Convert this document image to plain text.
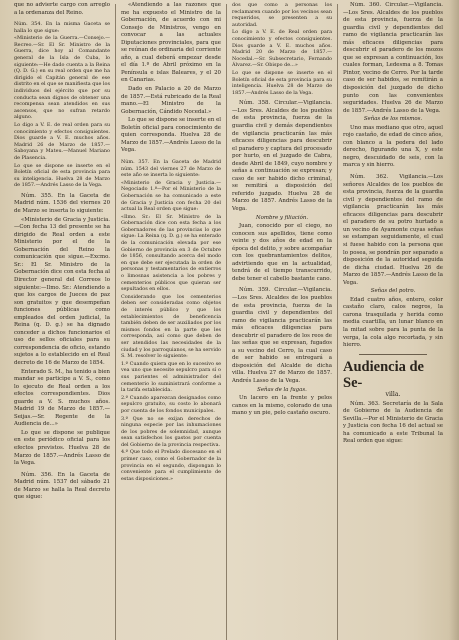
que no advierte cargo con arreglo a la ordenanza del Reino.

Núm. 354. En la misma Gaceta se halla lo que sigue:

«Ministerio de la Guerra.—Consejo.—Recreo.—Sr. El Sr. Ministro de la Guerra, dice hoy al Comandante general de la Isla de Cuba, lo siguiente:—He dado cuenta a la Reina (Q. D. G.) en su real orden que me ha dirigido el Capitán general de ese distrito en el que se manifiesta que los individuos del ejército que por su conducta sean dignos de obtener una recompensa sean atendidos en sus ascensos, que no sufran retardo alguno.

Lo digo a V. E. de real orden para su conocimiento y efectos consiguientes. Dios guarde a V. E. muchos años. Madrid 26 de Marzo de 1857.—Saboyana y Mateu.—Manuel Mariano de Plasencia.

Lo que se dispone se inserte en el Boletín oficial de esta provincia para su inteligencia. Huelva 28 de Marzo de 1857.—Andrés Lasso de la Vega.

Núm. 355. En la Gaceta de Madrid núm. 1536 del viernes 20 de Marzo se inserta lo siguiente:

«Ministerio de Gracia y Justicia.—Con fecha 13 del presente se ha dirigido de Real orden a este Ministerio por el de la Gobernación del Reino la comunicación que sigue.—Excmo. Sr.: El Sr. Ministro de la Gobernación dice con esta fecha al Director general del Correos lo siguiente:—Ilmo. Sr.: Atendiendo a que los cargos de Jueces de paz son gratuitos y que desempeñan funciones públicas como empleados del orden judicial, la Reina (q. D. g.) se ha dignado conceder a dichos funcionarios el uso de sellos oficiales para su correspondencia de oficio, estando sujetos a lo establecido en el Real decreto de 16 de Marzo de 1854.

Enterado S. M., ha tenido a bien mandar se participe a V. S., como lo ejecuto de Real orden a los efectos correspondientes. Dios guarde a V. S. muchos años. Madrid 19 de Marzo de 1857.—Seijas.—Sr. Regente de la Audiencia de...»

Lo que se dispone se publique en este periódico oficial para los efectos previstos. Huelva 28 de Marzo de 1857.—Andrés Lasso de la Vega.

Núm. 356. En la Gaceta de Madrid núm. 1537 del sábado 21 de Marzo se halla la Real decreto que sigue:

«Atendiendo a las razones que me ha expuesto el Ministro de la Gobernación, de acuerdo con mi Consejo de Ministros, vengo en convocar a las actuales Diputaciones provinciales, para que se reúnan de ordinaria del corriente año, a cual deberá empezar desde el día 1.º de Abril próximo en la Península e islas Baleares, y el 20 en Canarias.

Dado en Palacio a 20 de Marzo de 1857.—Está rubricado de la Real mano.—El Ministro de la Gobernación, Cándido Nocedal.»

Lo que se dispone se inserte en el Boletín oficial para conocimiento de quien corresponda. Huelva 28 de Marzo de 1857.—Andrés Lasso de la Vega.

Núm. 357. En la Gaceta de Madrid núm. 1543 del viernes 27 de Marzo de este año se inserta lo siguiente:

«Ministerio de Gracia y Justicia.—Negociado 1.º—Por el Ministerio de la Gobernación se ha comunicado a este de Gracia y Justicia con fecha 20 del actual la Real orden que sigue:

«Ilmo. Sr.: El Sr. Ministro de la Gobernación dice con esta fecha a los Gobernadores de las provincias lo que sigue: La Reina (q. D. g.) se ha enterado de la comunicación elevada por ese Gobierno de provincia en 3 de Octubre de 1856, consultando acerca del modo en que debe ser ejecutada la orden de personas y testamentarios de entierros o limosnas asistencia a los pobres y cementerios públicos que quieran ser sepultados en ellos.

Considerando que los cementerios deben ser consideradas como objetos de interés público y que los establecimientos de beneficencia también deben de ser auxiliados por los mismos fondos en la parte que les corresponda, así como que deben de ser atendidos las necesidades de la ciudad y los parroquianos, se ha servido S. M. resolver lo siguiente:

1.º Cuando quiera que en lo sucesivo se vea uno que necesite sepulcro para sí o sus parientes el administrador del cementerio lo suministrará conforme a la tarifa establecida.

2.º Cuando aparezcan designados como sepulcro gratuito, su costo lo abonará por cuenta de los fondos municipales.

3.º Que no se exijan derechos de ninguna especie por las inhumaciones de los pobres de solemnidad, aunque sean satisfechos los gastos por cuenta del Gobierno de la provincia respectiva.

4.º Que todo el Prelado diocesano en el primer caso, como el Gobernador de la provincia en el segundo, dispongan lo conveniente para el cumplimiento de estas disposiciones.»

dos que como a personas los reclamaren cuando por los vecinos sean requeridos, se presenten a su autoridad.

Lo digo a V. E. de Real orden para conocimiento y efectos consiguientes. Dios guarde a V. E. muchos años. Madrid 20 de Marzo de 1857.—Nocedal.—Sr. Subsecretario, Fernando Álvarez.—Sr. Obispo de...»

Lo que se dispone se inserte en el Boletín oficial de esta provincia para su inteligencia. Huelva 28 de Marzo de 1857.—Andrés Lasso de la Vega.

Núm. 358. Circular.—Vigilancia.—Los Sres. Alcaldes de los pueblos de esta provincia, fuerza de la guardia civil y demás dependientes de vigilancia practicarán las más eficaces diligencias para descubrir el paradero y captura del procesado por hurto, en el juzgado de Cabra, desde Abril de 1849, cuyo nombre y señas a continuación se expresan; y caso de ser habido dicho criminal, se remitirá a disposición del referido juzgado. Huelva 28 de Marzo de 1857. Andrés Lasso de la Vega.

Nombre y filiación.

Juan, conocido por el ciego, no conocen sus apellidos, tiene como veinte y dos años de edad en la época del delito, y sobre acompañar con los quebrantamientos delitos, advirtiendo que en la actualidad, tendrá de el tiempo transcurrido, debe tener el cabello bastante cano.

Núm. 359. Circular.—Vigilancia.—Los Sres. Alcaldes de los pueblos de esta provincia, fuerza de la guardia civil y dependientes del ramo de vigilancia practicarán las más eficaces diligencias para descubrir el paradero de los reos de las señas que se expresan, fugados a su vecino del Cerro, la cual caso de ser habido se entregará a disposición del Alcalde de dicha villa. Huelva 27 de Marzo de 1857. Andrés Lasso de la Vega.

Señas de la fugas.

Un lacero en la frente y pelos canos en la mismo, colorado de una mano y un pie, pelo castaño oscuro.

Núm. 360. Circular.—Vigilancia.—Los Sres. Alcaldes de los pueblos de esta provincia, fuerza de la guardia civil y dependientes del ramo de vigilancia practicarán las más eficaces diligencias para descubrir el paradero de los mozos que se expresan a continuación, los cuales forman, Ledesma a 8. Tomas Pintor, vecino de Cerro. Por la tarde caso de ser habidos, se remitirán a disposición del juzgado de dicho punto con las convenientes seguridades. Huelva 26 de Marzo de 1857.—Andrés Lasso de la Vega.

Señas de los mismos.

Uno mas mediano que otro, aquel rojo castaño, de edad de cinco años, con blanco a la pedera del lado derecho, figurando una X, y este negro, descuidado de seis, con la marca y sin hierro.

Núm. 362. Vigilancia.—Los señores Alcaldes de los pueblos de esta provincia, fuerza de la guardia civil y dependientes del ramo de vigilancia practicarán las más eficaces diligencias para descubrir el paradero de su potro hurtado a un vecino de Ayamonte cuyas señas se estampan seguidamente, el cual si fuese habido con la persona que lo posea, se pondrán por separado a disposición de la autoridad seguida de dicha ciudad. Huelva 26 de Marzo de 1857.—Andrés Lasso de la Vega.

Señas del potro.

Edad cuatro años, entero, color castaño claro, calos negros, la carona trasquilada y herida como media cuartilla, un lunar blanco en la mitad sobre para la punta de la verga, la cola algo recortada, y sin hierro.

Audiencia de Se-
villa.

Núm. 363. Secretaría de la Sala de Gobierno de la Audiencia de Sevilla.—Por el Ministerio de Gracia y Justicia con fecha 16 del actual se ha comunicado a este Tribunal la Real orden que sigue:
